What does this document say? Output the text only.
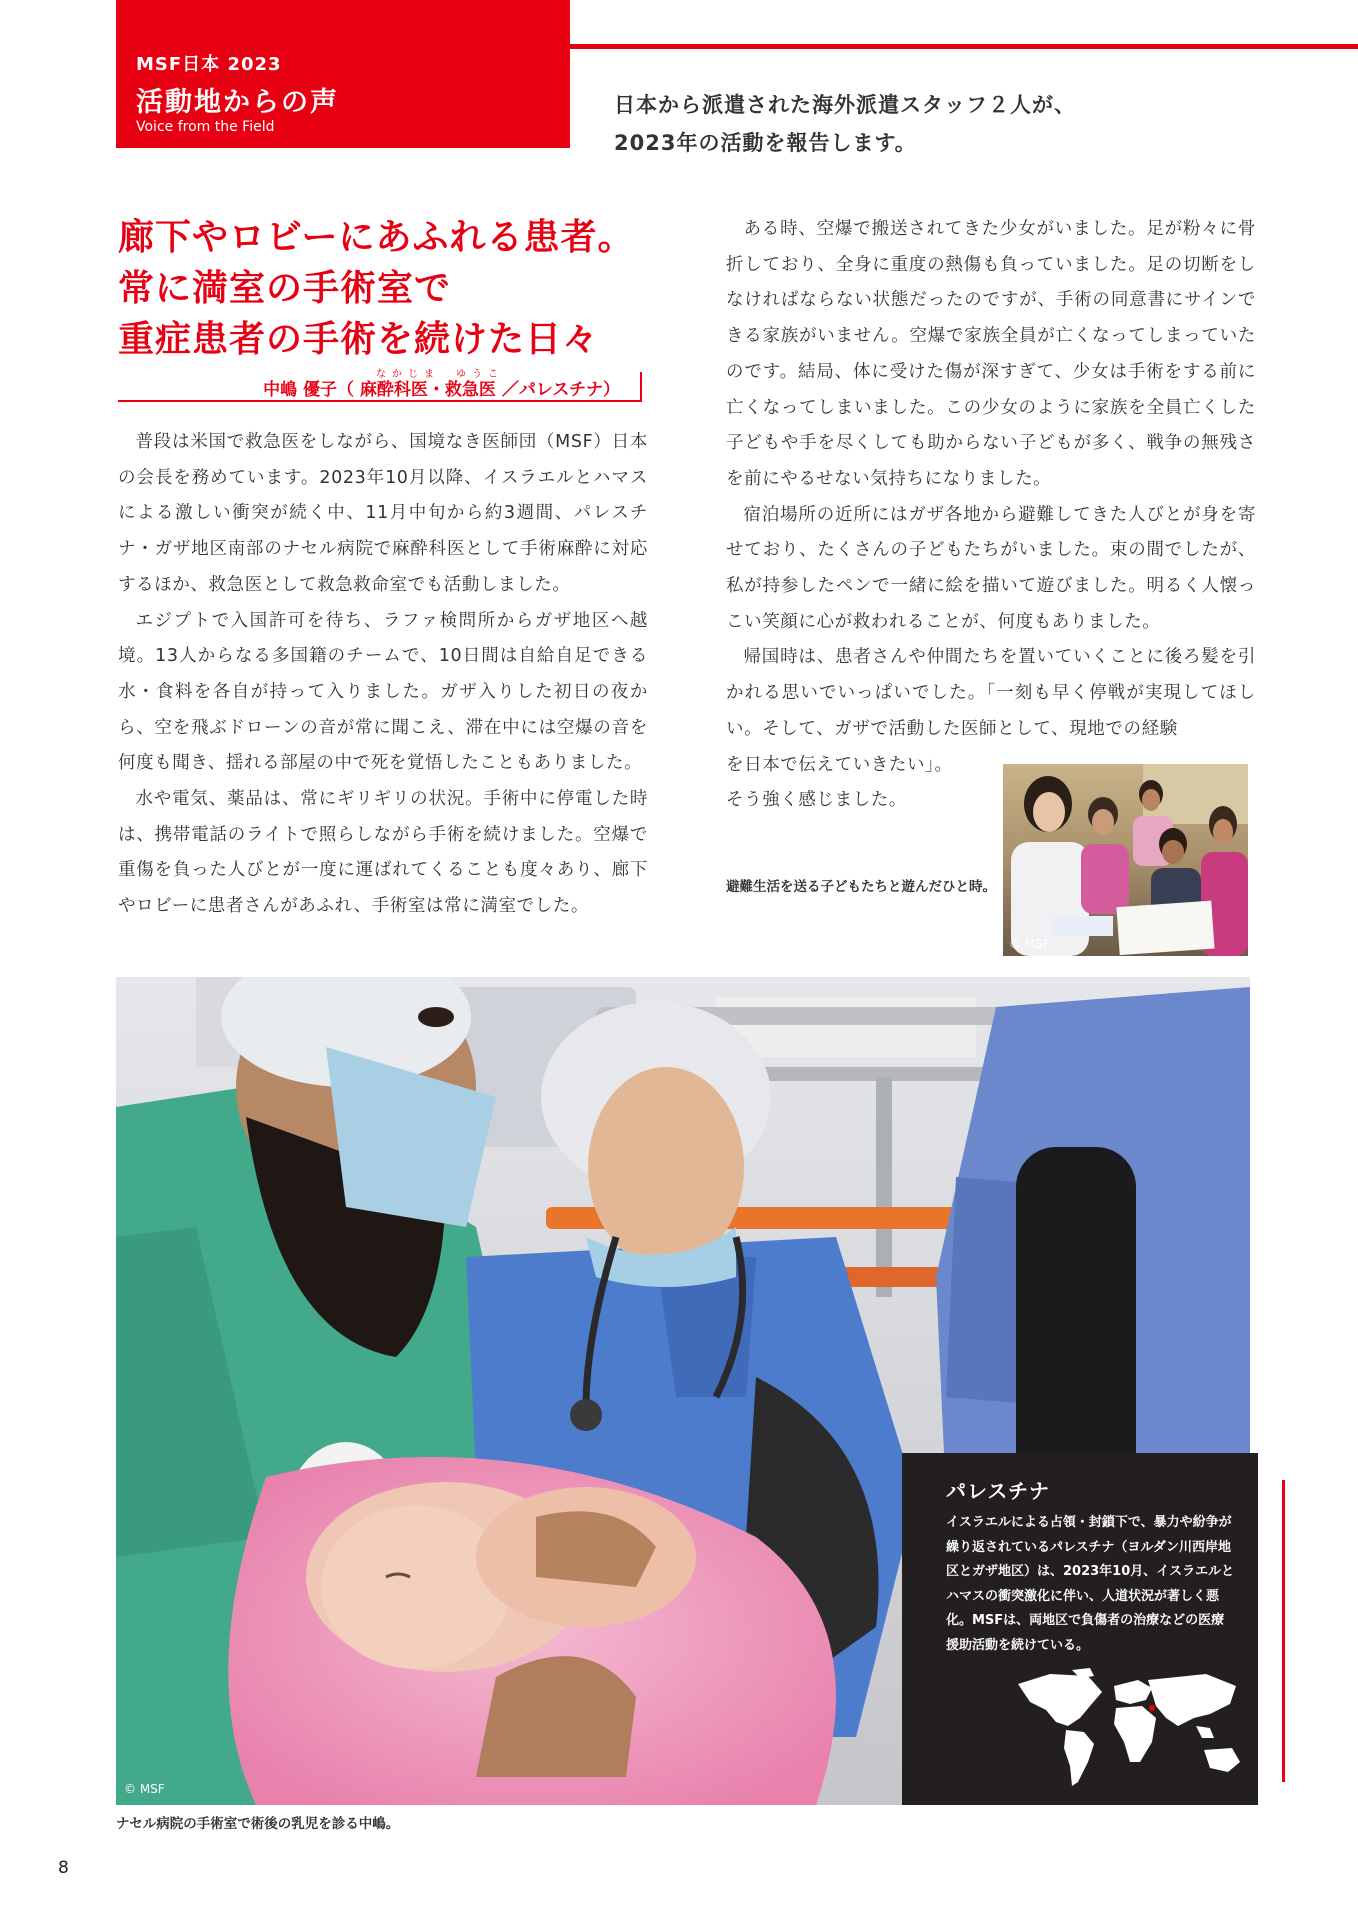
MSF日本 2023
活動地からの声
Voice from the Field
日本から派遣された海外派遣スタッフ２人が、
2023年の活動を報告します。
廊下やロビーにあふれる患者。
常に満室の手術室で
重症患者の手術を続けた日々
なかじま　ゆうこ
中嶋 優子（ 麻酔科医・救急医 ／パレスチナ）

普段は米国で救急医をしながら、国境なき医師団（MSF）日本の会長を務めています。2023年10月以降、イスラエルとハマスによる激しい衝突が続く中、11月中旬から約3週間、パレスチナ・ガザ地区南部のナセル病院で麻酔科医として手術麻酔に対応するほか、救急医として救急救命室でも活動しました。

エジプトで入国許可を待ち、ラファ検問所からガザ地区へ越境。13人からなる多国籍のチームで、10日間は自給自足できる水・食料を各自が持って入りました。ガザ入りした初日の夜から、空を飛ぶドローンの音が常に聞こえ、滞在中には空爆の音を何度も聞き、揺れる部屋の中で死を覚悟したこともありました。

水や電気、薬品は、常にギリギリの状況。手術中に停電した時は、携帯電話のライトで照らしながら手術を続けました。空爆で重傷を負った人びとが一度に運ばれてくることも度々あり、廊下やロビーに患者さんがあふれ、手術室は常に満室でした。

ある時、空爆で搬送されてきた少女がいました。足が粉々に骨折しており、全身に重度の熱傷も負っていました。足の切断をしなければならない状態だったのですが、手術の同意書にサインできる家族がいません。空爆で家族全員が亡くなってしまっていたのです。結局、体に受けた傷が深すぎて、少女は手術をする前に亡くなってしまいました。この少女のように家族を全員亡くした子どもや手を尽くしても助からない子どもが多く、戦争の無残さを前にやるせない気持ちになりました。

宿泊場所の近所にはガザ各地から避難してきた人びとが身を寄せており、たくさんの子どもたちがいました。束の間でしたが、私が持参したペンで一緒に絵を描いて遊びました。明るく人懐っこい笑顔に心が救われることが、何度もありました。

帰国時は、患者さんや仲間たちを置いていくことに後ろ髪を引かれる思いでいっぱいでした。「一刻も早く停戦が実現してほしい。そして、ガザで活動した医師として、現地での経験

を日本で伝えていきたい」。
そう強く感じました。
避難生活を送る子どもたちと遊んだひと時。
© MSF
© MSF
ナセル病院の手術室で術後の乳児を診る中嶋。
パレスチナ
イスラエルによる占領・封鎖下で、暴力や紛争が繰り返されているパレスチナ（ヨルダン川西岸地区とガザ地区）は、2023年10月、イスラエルとハマスの衝突激化に伴い、人道状況が著しく悪化。MSFは、両地区で負傷者の治療などの医療援助活動を続けている。
8
